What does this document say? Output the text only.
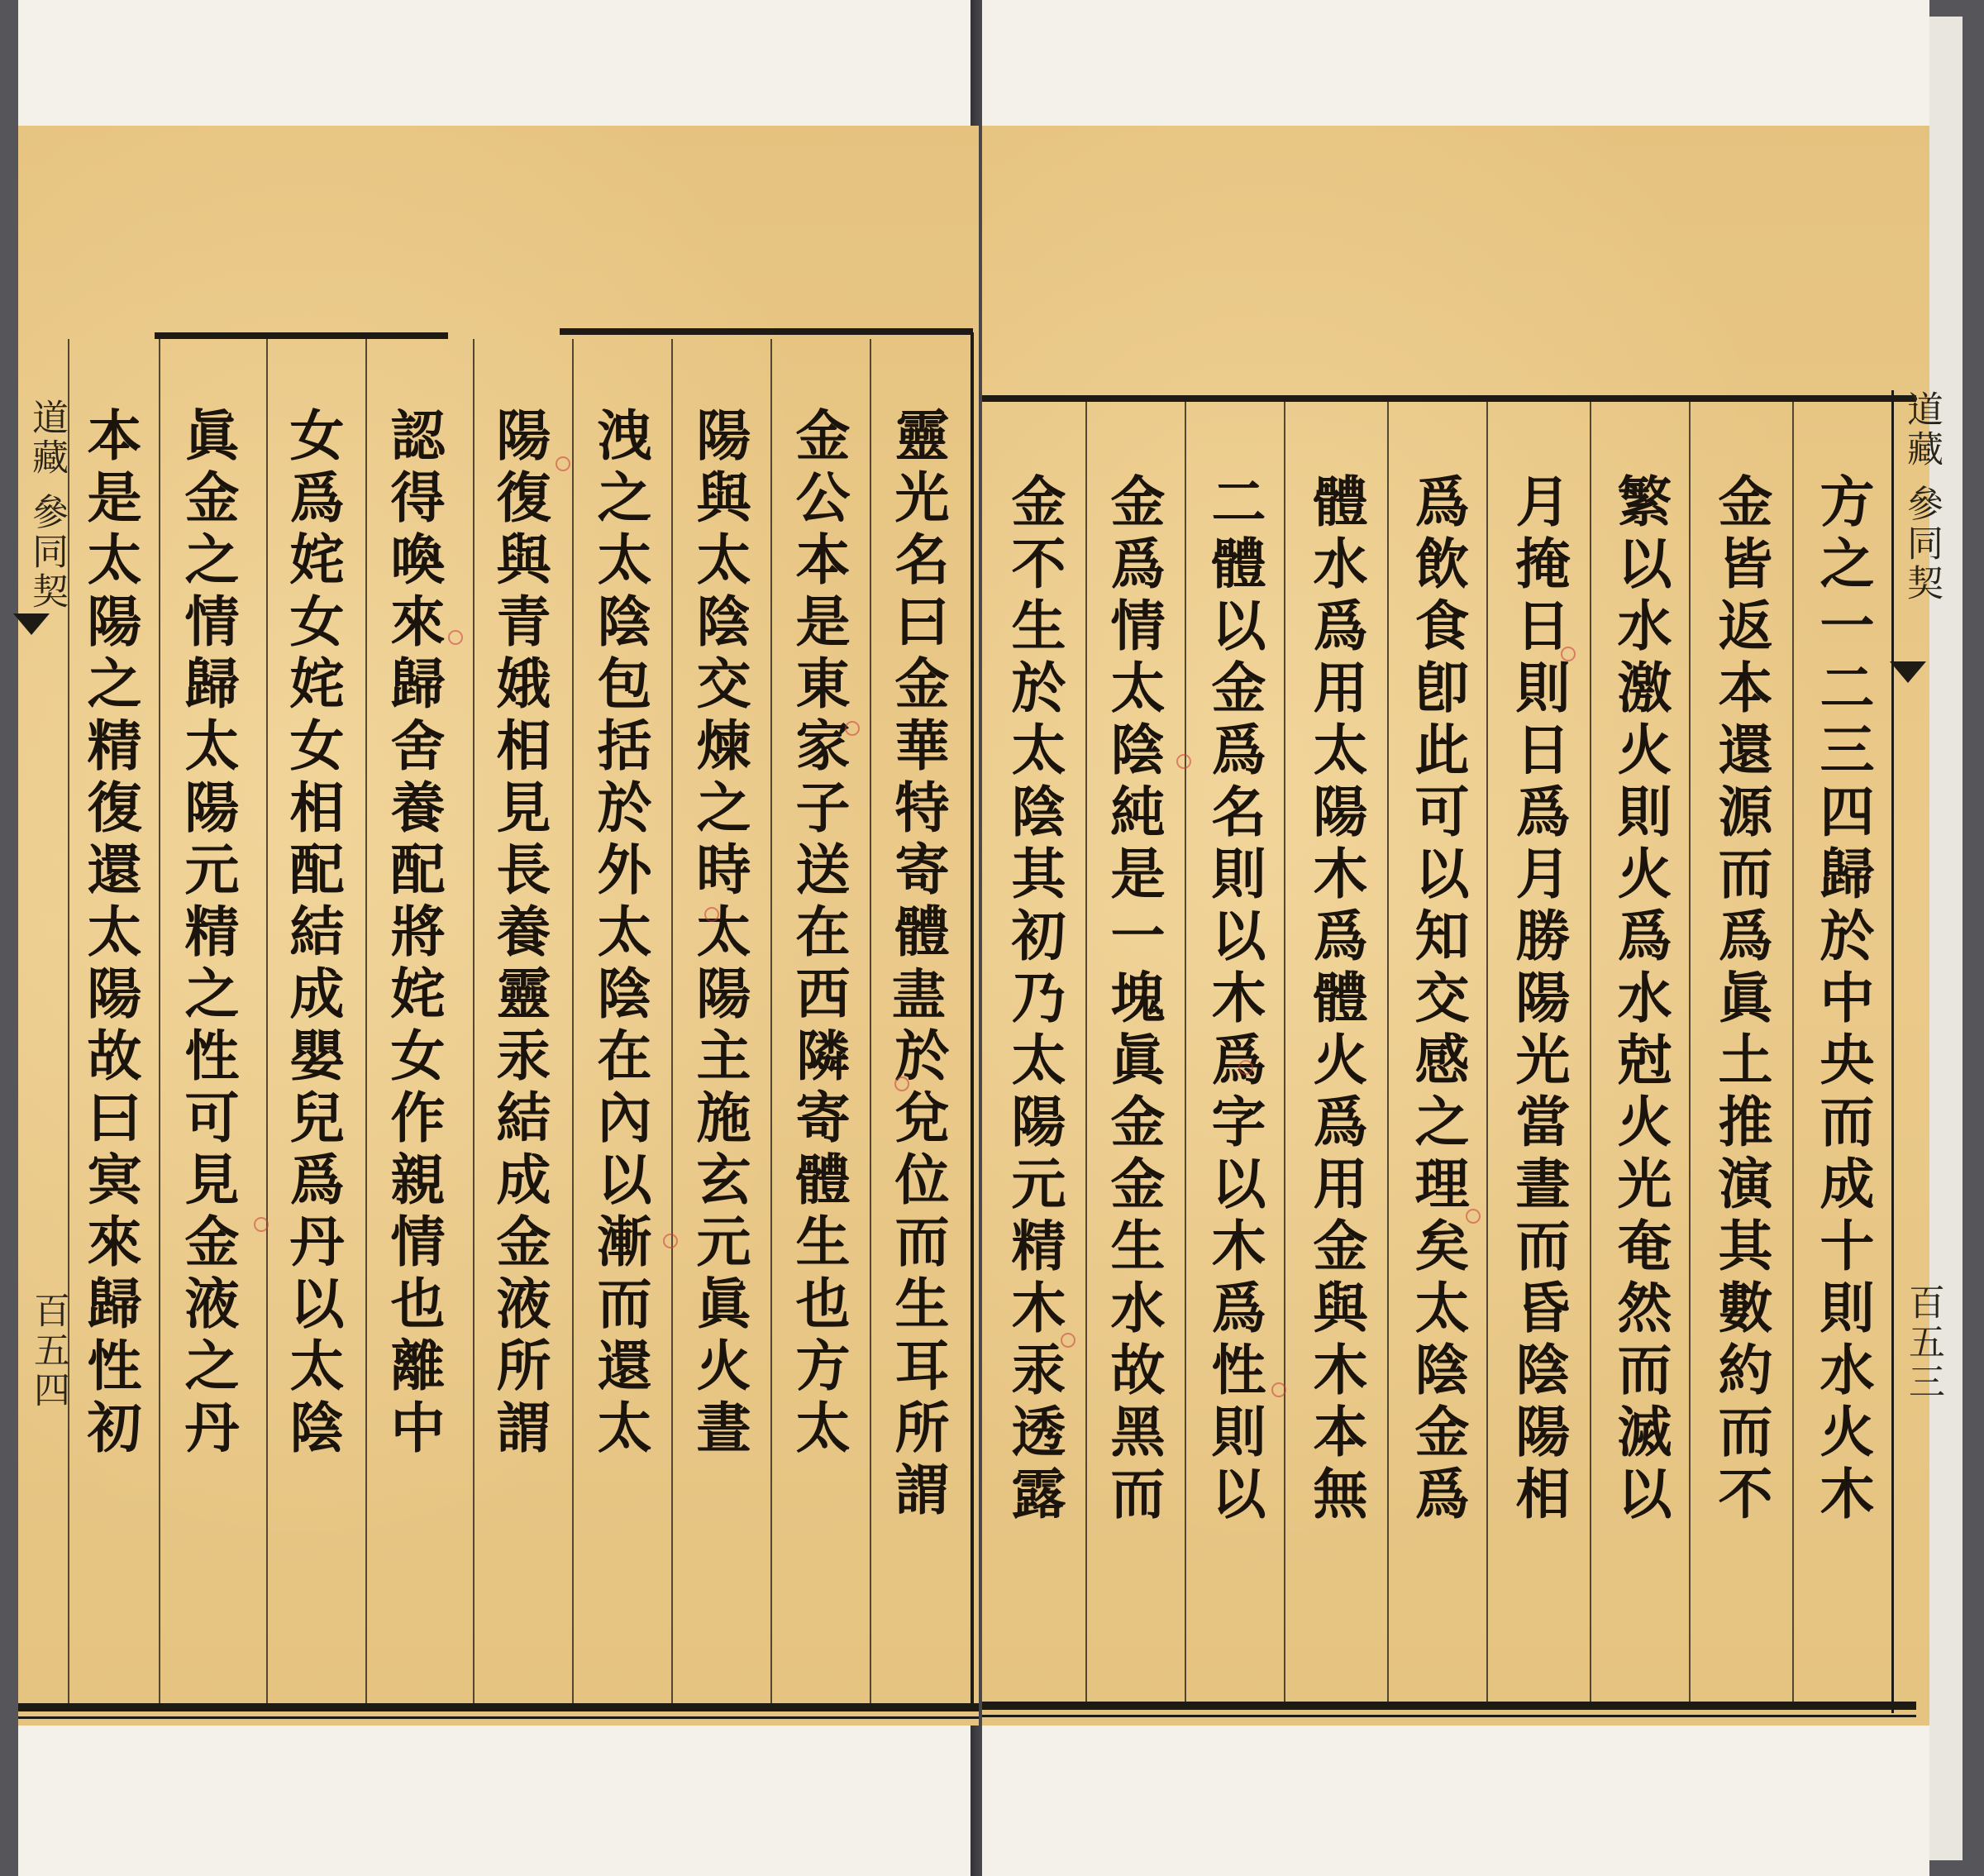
靈光名曰金華特寄體𥁞於兌位而生耳所謂
金公本是東家子送在西隣寄體生也方太
陽與太陰交煉之時太陽主施玄元眞火晝
洩之太陰包括於外太陰在內以漸而還太
陽復與青娥相見長養靈汞結成金液所謂
認得喚來歸舍養配將姹女作親情也離中
女爲姹女姹女相配結成嬰兒爲丹以太陰
眞金之情歸太陽元精之性可見金液之丹
本是太陽之精復還太陽故曰㝠來歸性初
道藏 參同契
百五四	方之一二三四歸於中央而成十則水火木
金皆返本還源而爲眞土推演其數約而不
繁以水激火則火爲水尅火光奄然而滅以
月掩日則日爲月勝陽光當晝而昏陰陽相
爲飲食卽此可以知交感之理矣太陰金爲
體水爲用太陽木爲體火爲用金與木本無
二體以金爲名則以木爲字以木爲性則以
金爲情太陰純是一塊眞金金生水故黑而
金不生於太陰其初乃太陽元精木汞透露	道藏 參同契
百五三
